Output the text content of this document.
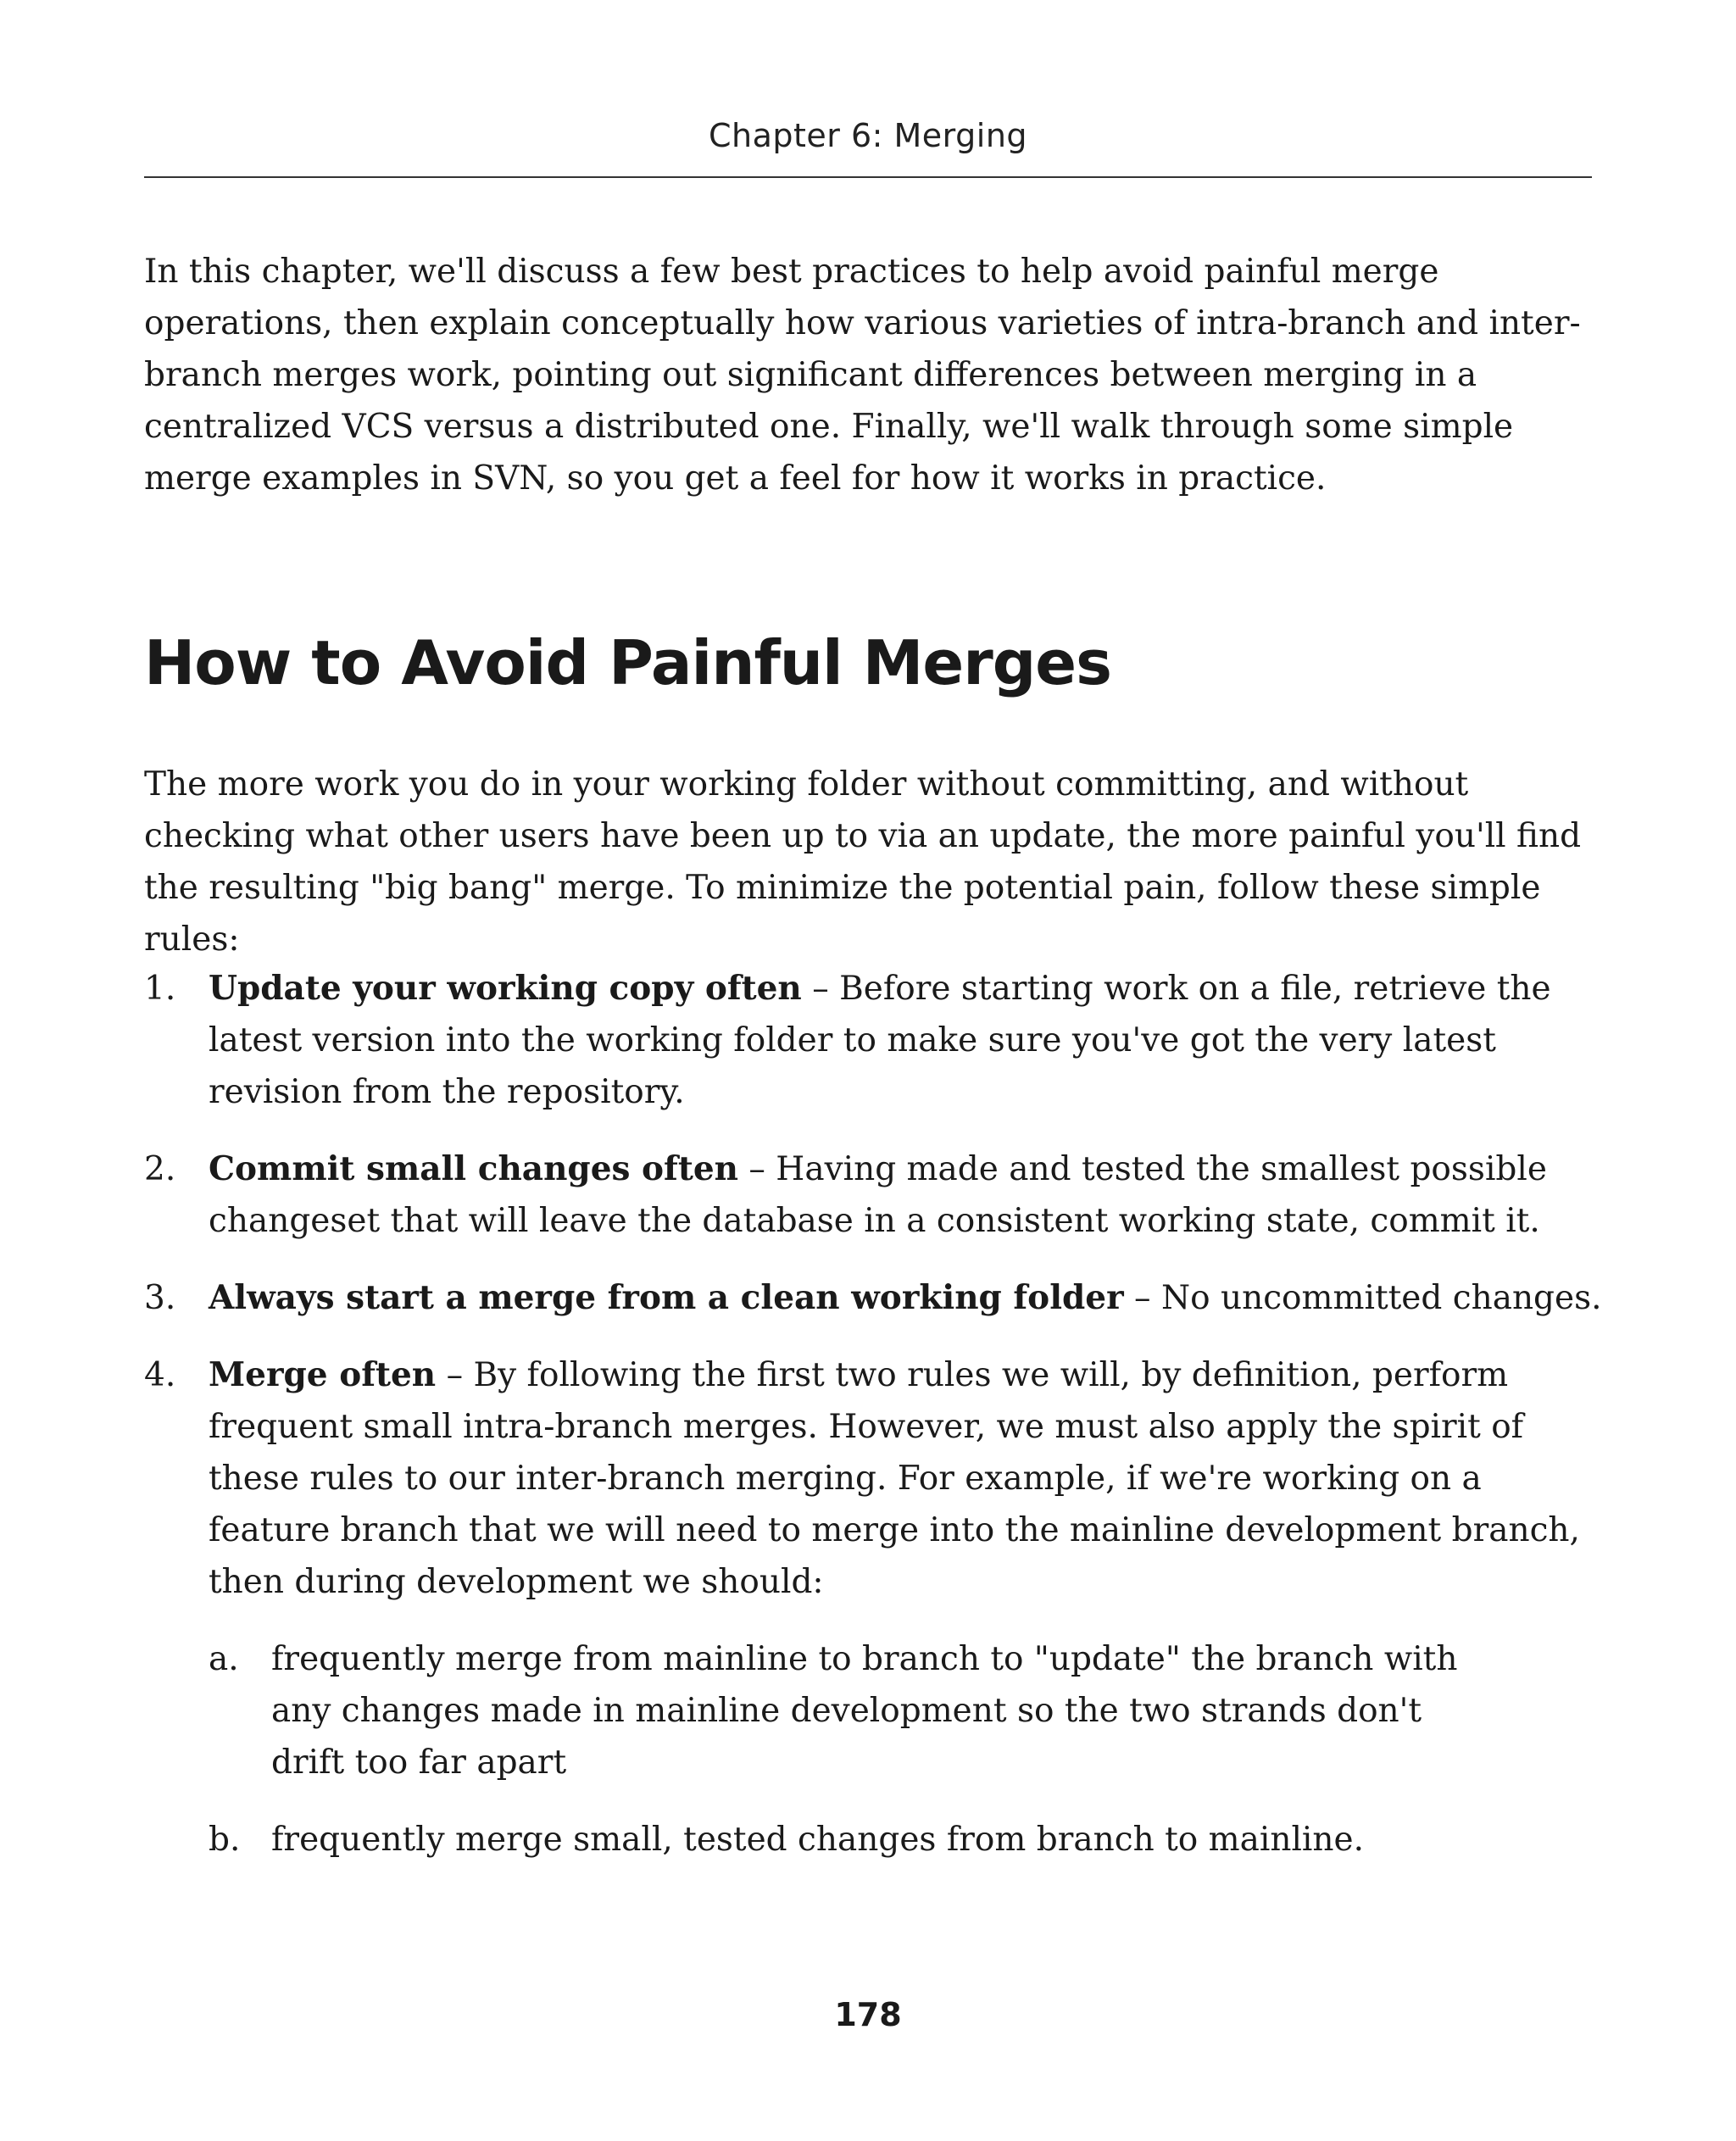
Chapter 6: Merging

In this chapter, we'll discuss a few best practices to help avoid painful merge operations, then explain conceptually how various varieties of intra-branch and inter-branch merges work, pointing out significant differences between merging in a centralized VCS versus a distributed one. Finally, we'll walk through some simple merge examples in SVN, so you get a feel for how it works in practice.

How to Avoid Painful Merges

The more work you do in your working folder without committing, and without checking what other users have been up to via an update, the more painful you'll find the resulting "big bang" merge. To minimize the potential pain, follow these simple rules:

1. Update your working copy often – Before starting work on a file, retrieve the latest version into the working folder to make sure you've got the very latest revision from the repository.
2. Commit small changes often – Having made and tested the smallest possible changeset that will leave the database in a consistent working state, commit it.
3. Always start a merge from a clean working folder – No uncommitted changes.
4. Merge often – By following the first two rules we will, by definition, perform frequent small intra-branch merges. However, we must also apply the spirit of these rules to our inter-branch merging. For example, if we're working on a feature branch that we will need to merge into the mainline development branch, then during development we should:
a. frequently merge from mainline to branch to "update" the branch with any changes made in mainline development so the two strands don't drift too far apart
b. frequently merge small, tested changes from branch to mainline.
178
